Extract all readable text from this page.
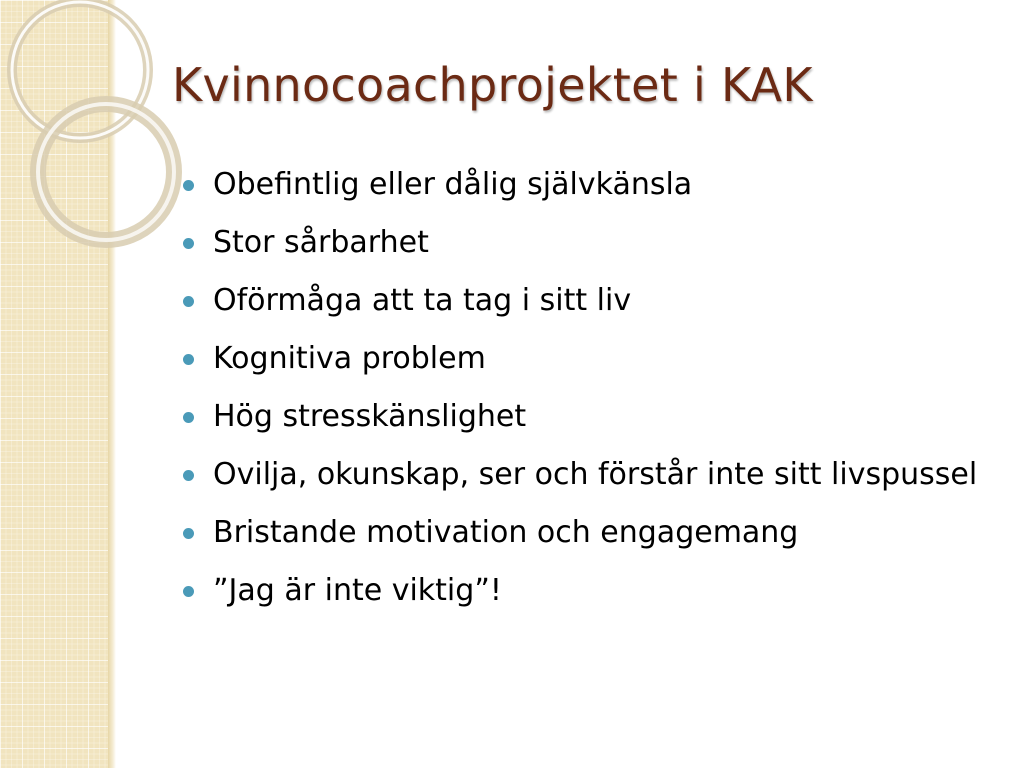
Kvinnocoachprojektet i KAK
Obefintlig eller dålig självkänsla
Stor sårbarhet
Oförmåga att ta tag i sitt liv
Kognitiva problem
Hög stresskänslighet
Ovilja, okunskap, ser och förstår inte sitt livspussel
Bristande motivation och engagemang
”Jag är inte viktig”!
